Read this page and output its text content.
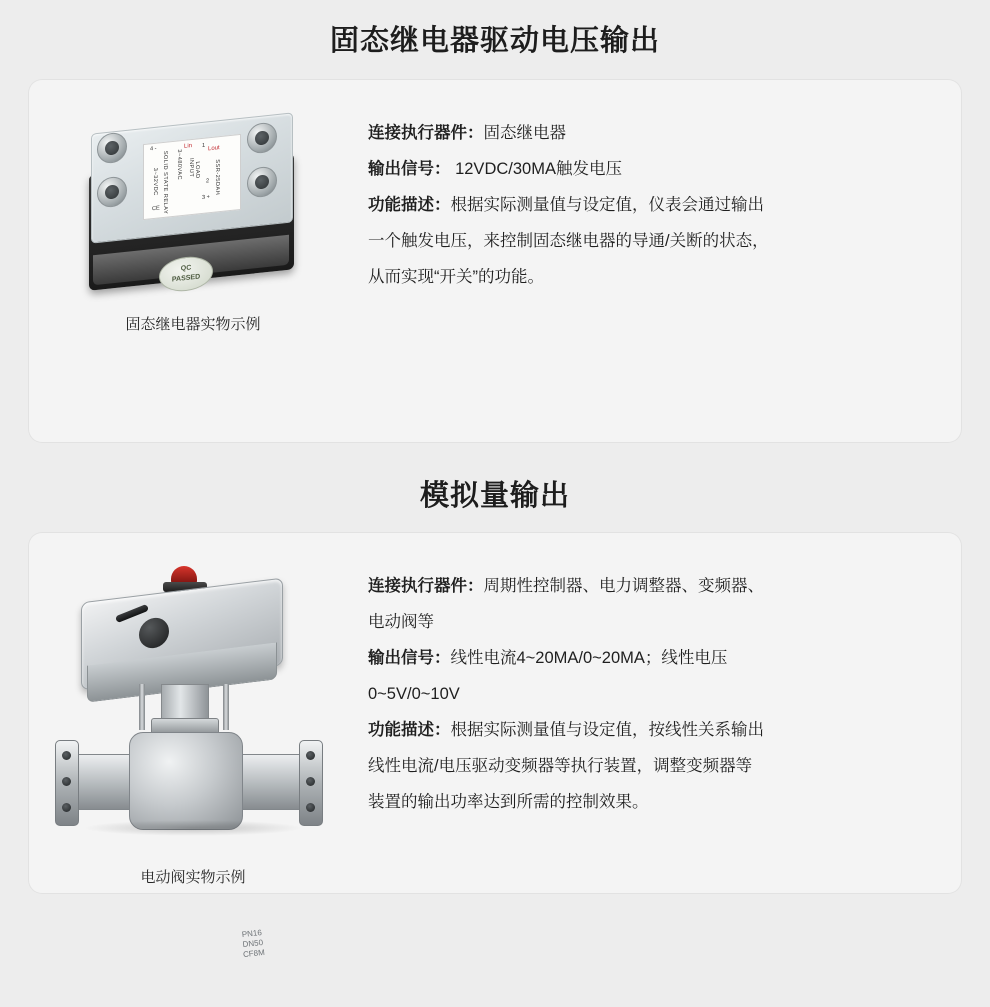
固态继电器驱动电压输出
Lin	Lout
SOLID STATE RELAY 3~480VAC
3~32VDC	LOAD
INPUT	SSR-25DAH
1
2
3 +
4 -
CE
QC
PASSED
固态继电器实物示例
连接执行器件：固态继电器
输出信号： 12VDC/30MA触发电压
功能描述：根据实际测量值与设定值，仪表会通过输出
一个触发电压，来控制固态继电器的导通/关断的状态，
从而实现“开关”的功能。
模拟量输出
PN16
DN50
CF8M
电动阀实物示例
连接执行器件：周期性控制器、电力调整器、变频器、
电动阀等
输出信号：线性电流4~20MA/0~20MA；线性电压
0~5V/0~10V
功能描述：根据实际测量值与设定值，按线性关系输出
线性电流/电压驱动变频器等执行装置，调整变频器等
装置的输出功率达到所需的控制效果。
